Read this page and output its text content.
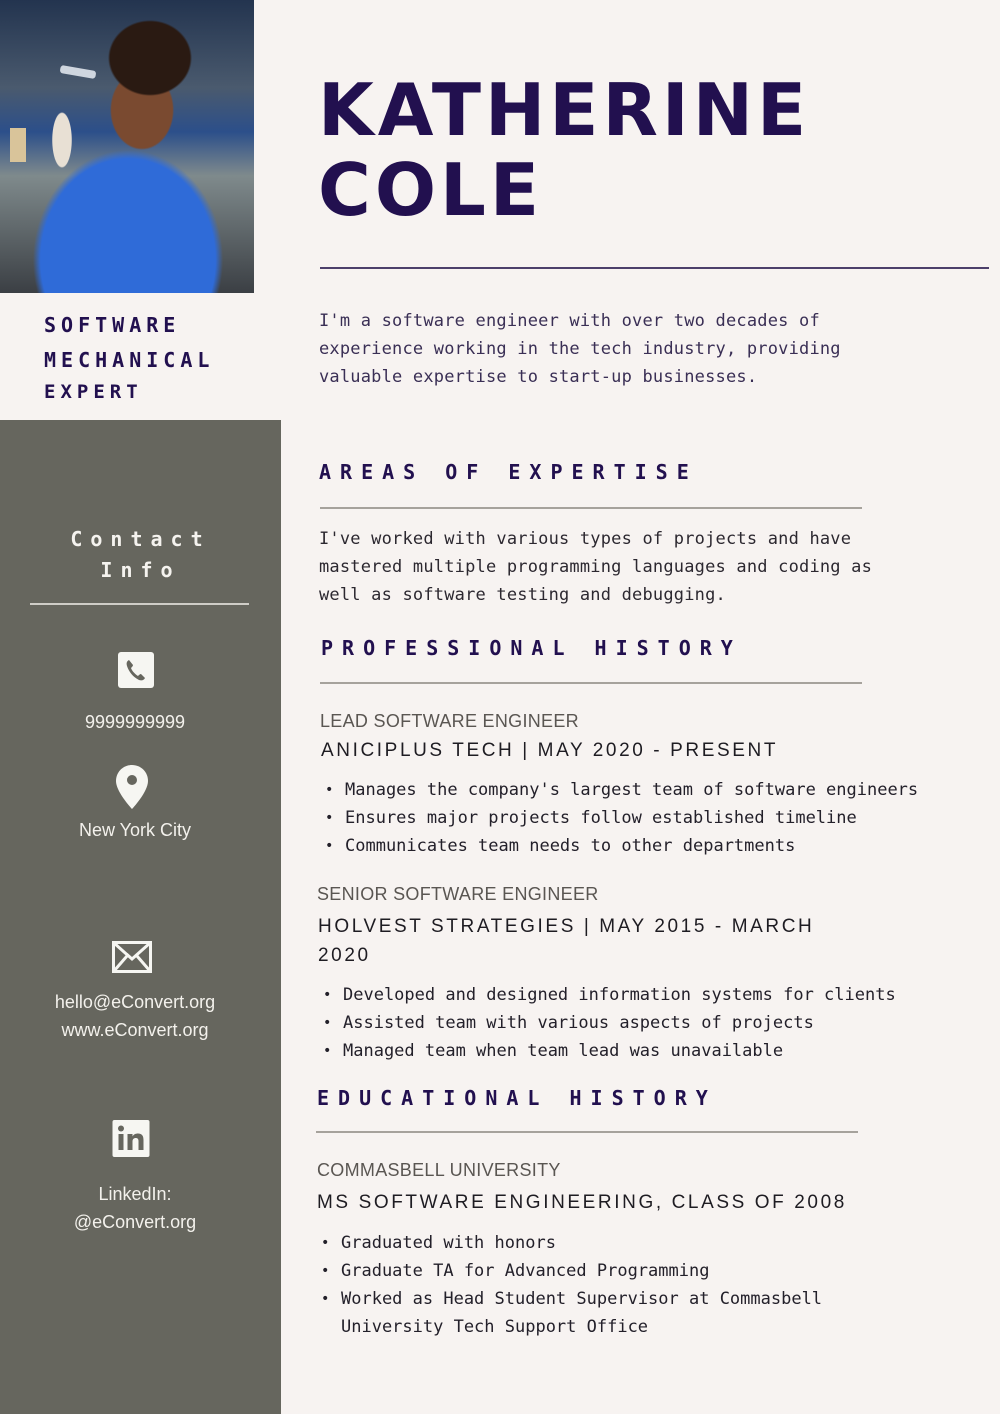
SOFTWARE
MECHANICAL
EXPERT
Contact
Info
9999999999
New York City
hello@eConvert.org
www.eConvert.org
LinkedIn:
@eConvert.org
KATHERINE
COLE
I'm a software engineer with over two decades of experience working in the tech industry, providing valuable expertise to start-up businesses.
AREAS OF EXPERTISE
I've worked with various types of projects and have mastered multiple programming languages and coding as well as software testing and debugging.
PROFESSIONAL HISTORY
LEAD SOFTWARE ENGINEER
ANICIPLUS TECH | MAY 2020 - PRESENT
• Manages the company's largest team of software engineers
• Ensures major projects follow established timeline
• Communicates team needs to other departments
SENIOR SOFTWARE ENGINEER
HOLVEST STRATEGIES | MAY 2015 - MARCH 2020
• Developed and designed information systems for clients
• Assisted team with various aspects of projects
• Managed team when team lead was unavailable
EDUCATIONAL HISTORY
COMMASBELL UNIVERSITY
MS SOFTWARE ENGINEERING, CLASS OF 2008
• Graduated with honors
• Graduate TA for Advanced Programming
• Worked as Head Student Supervisor at Commasbell University Tech Support Office
